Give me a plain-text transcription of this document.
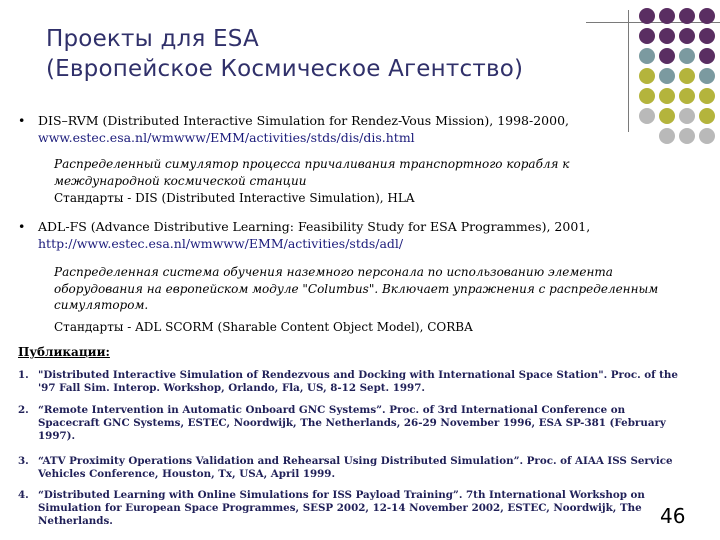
Проекты для ESA
(Европейское Космическое Агентство)
• DIS–RVM (Distributed Interactive Simulation for Rendez-Vous Mission), 1998-2000,
www.estec.esa.nl/wmwww/EMM/activities/stds/dis/dis.html
Распределенный симулятор процесса причаливания транспортного корабля к международной космической станции
Стандарты - DIS (Distributed Interactive Simulation), HLA
• ADL-FS (Advance Distributive Learning: Feasibility Study for ESA Programmes), 2001,
http://www.estec.esa.nl/wmwww/EMM/activities/stds/adl/
Распределенная система обучения наземного персонала по использованию элемента оборудования на европейском модуле "Columbus". Включает упражнения с распределенным симулятором.
Стандарты - ADL SCORM (Sharable Content Object Model), CORBA
Публикации:
1. "Distributed Interactive Simulation of Rendezvous and Docking with International Space Station". Proc. of the '97 Fall Sim. Interop. Workshop, Orlando, Fla, US, 8-12 Sept. 1997.
2. “Remote Intervention in Automatic Onboard GNC Systems”. Proc. of 3rd International Conference on Spacecraft GNC Systems, ESTEC, Noordwijk, The Netherlands, 26-29 November 1996, ESA SP-381 (February 1997).
3. “ATV Proximity Operations Validation and Rehearsal Using Distributed Simulation”. Proc. of AIAA ISS Service Vehicles Conference, Houston, Tx, USA, April 1999.
4. “Distributed Learning with Online Simulations for ISS Payload Training”. 7th International Workshop on Simulation for European Space Programmes, SESP 2002, 12-14 November 2002, ESTEC, Noordwijk, The Netherlands.	46
